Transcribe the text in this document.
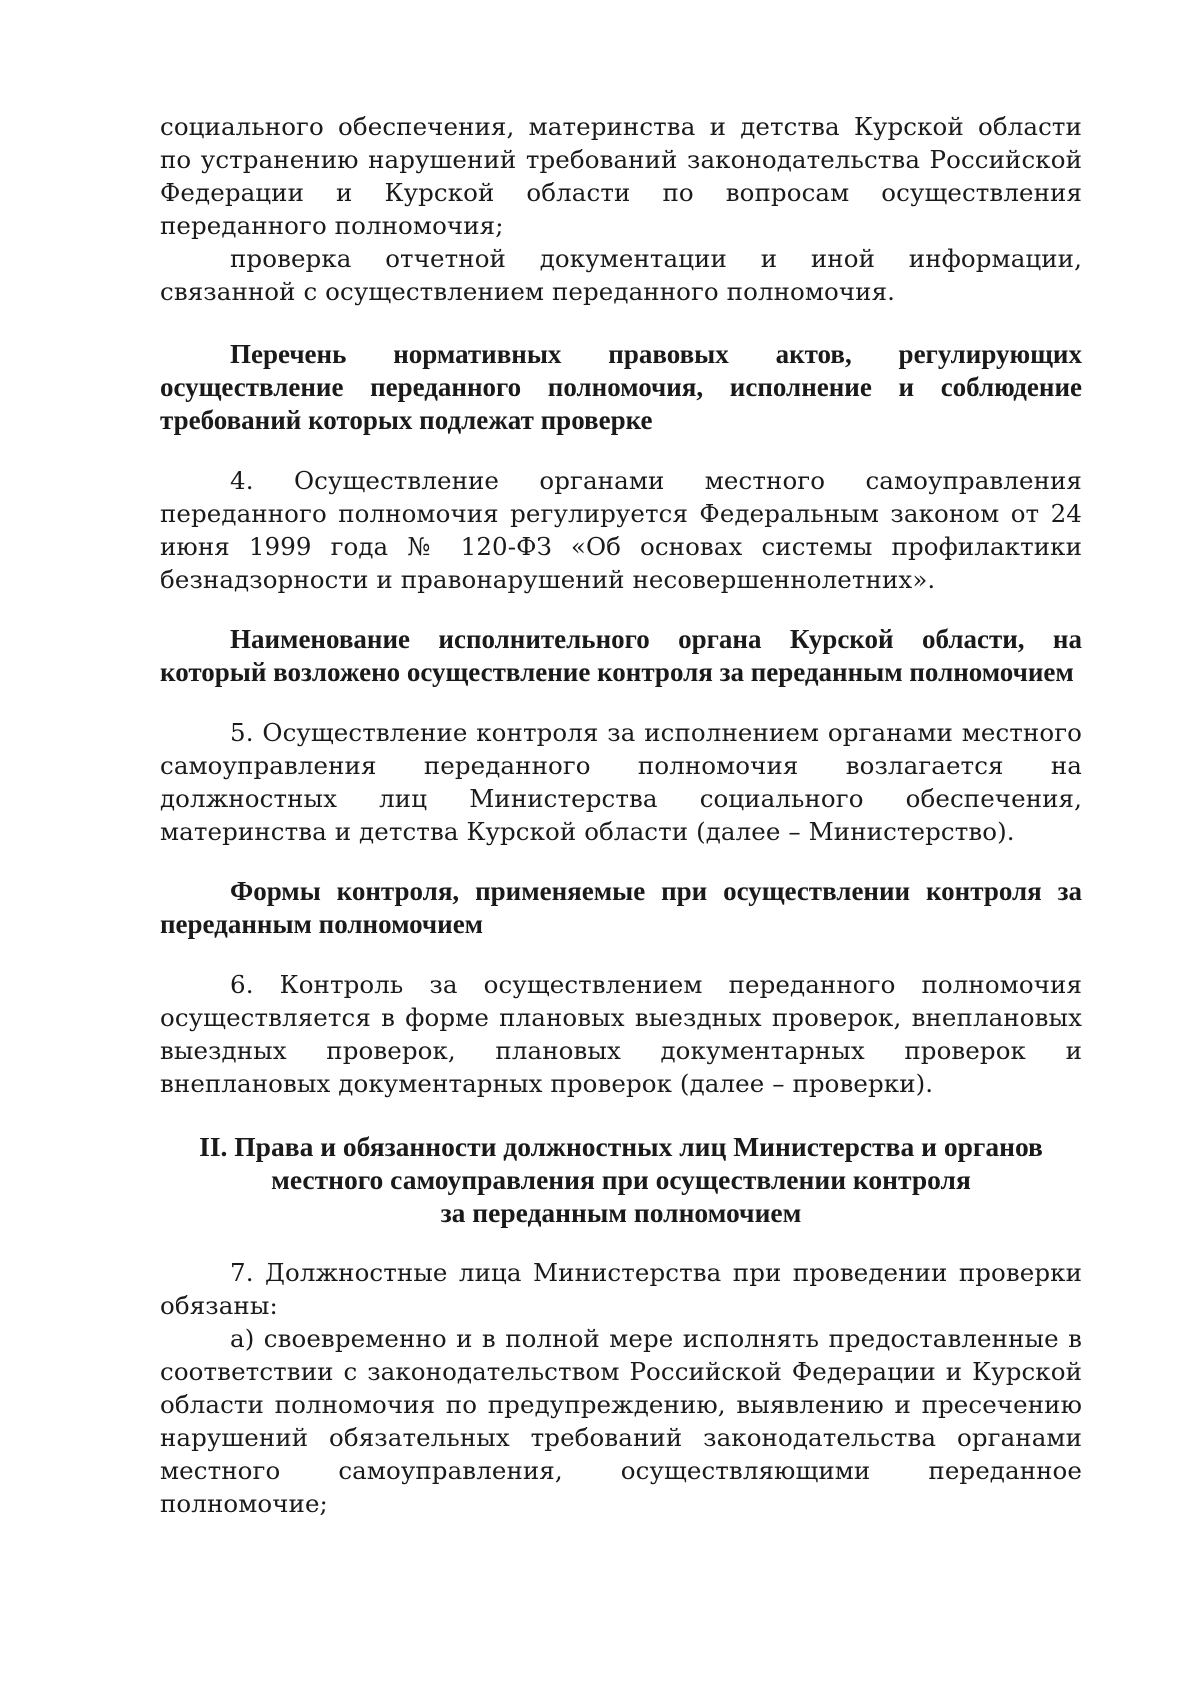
социального обеспечения, материнства и детства Курской области по устранению нарушений требований законодательства Российской Федерации и Курской области по вопросам осуществления переданного полномочия;

проверка отчетной документации и иной информации, связанной с осуществлением переданного полномочия.

Перечень нормативных правовых актов, регулирующих осуществление переданного полномочия, исполнение и соблюдение требований которых подлежат проверке

4. Осуществление органами местного самоуправления переданного полномочия регулируется Федеральным законом от 24 июня 1999 года № 120-ФЗ «Об основах системы профилактики безнадзорности и правонарушений несовершеннолетних».

Наименование исполнительного органа Курской области, на который возложено осуществление контроля за переданным полномочием

5. Осуществление контроля за исполнением органами местного самоуправления переданного полномочия возлагается на должностных лиц Министерства социального обеспечения, материнства и детства Курской области (далее – Министерство).

Формы контроля, применяемые при осуществлении контроля за переданным полномочием

6. Контроль за осуществлением переданного полномочия осуществляется в форме плановых выездных проверок, внеплановых выездных проверок, плановых документарных проверок и внеплановых документарных проверок (далее – проверки).

II. Права и обязанности должностных лиц Министерства и органов

местного самоуправления при осуществлении контроля

за переданным полномочием

7. Должностные лица Министерства при проведении проверки обязаны:

а) своевременно и в полной мере исполнять предоставленные в соответствии с законодательством Российской Федерации и Курской области полномочия по предупреждению, выявлению и пресечению нарушений обязательных требований законодательства органами местного самоуправления, осуществляющими переданное полномочие;
